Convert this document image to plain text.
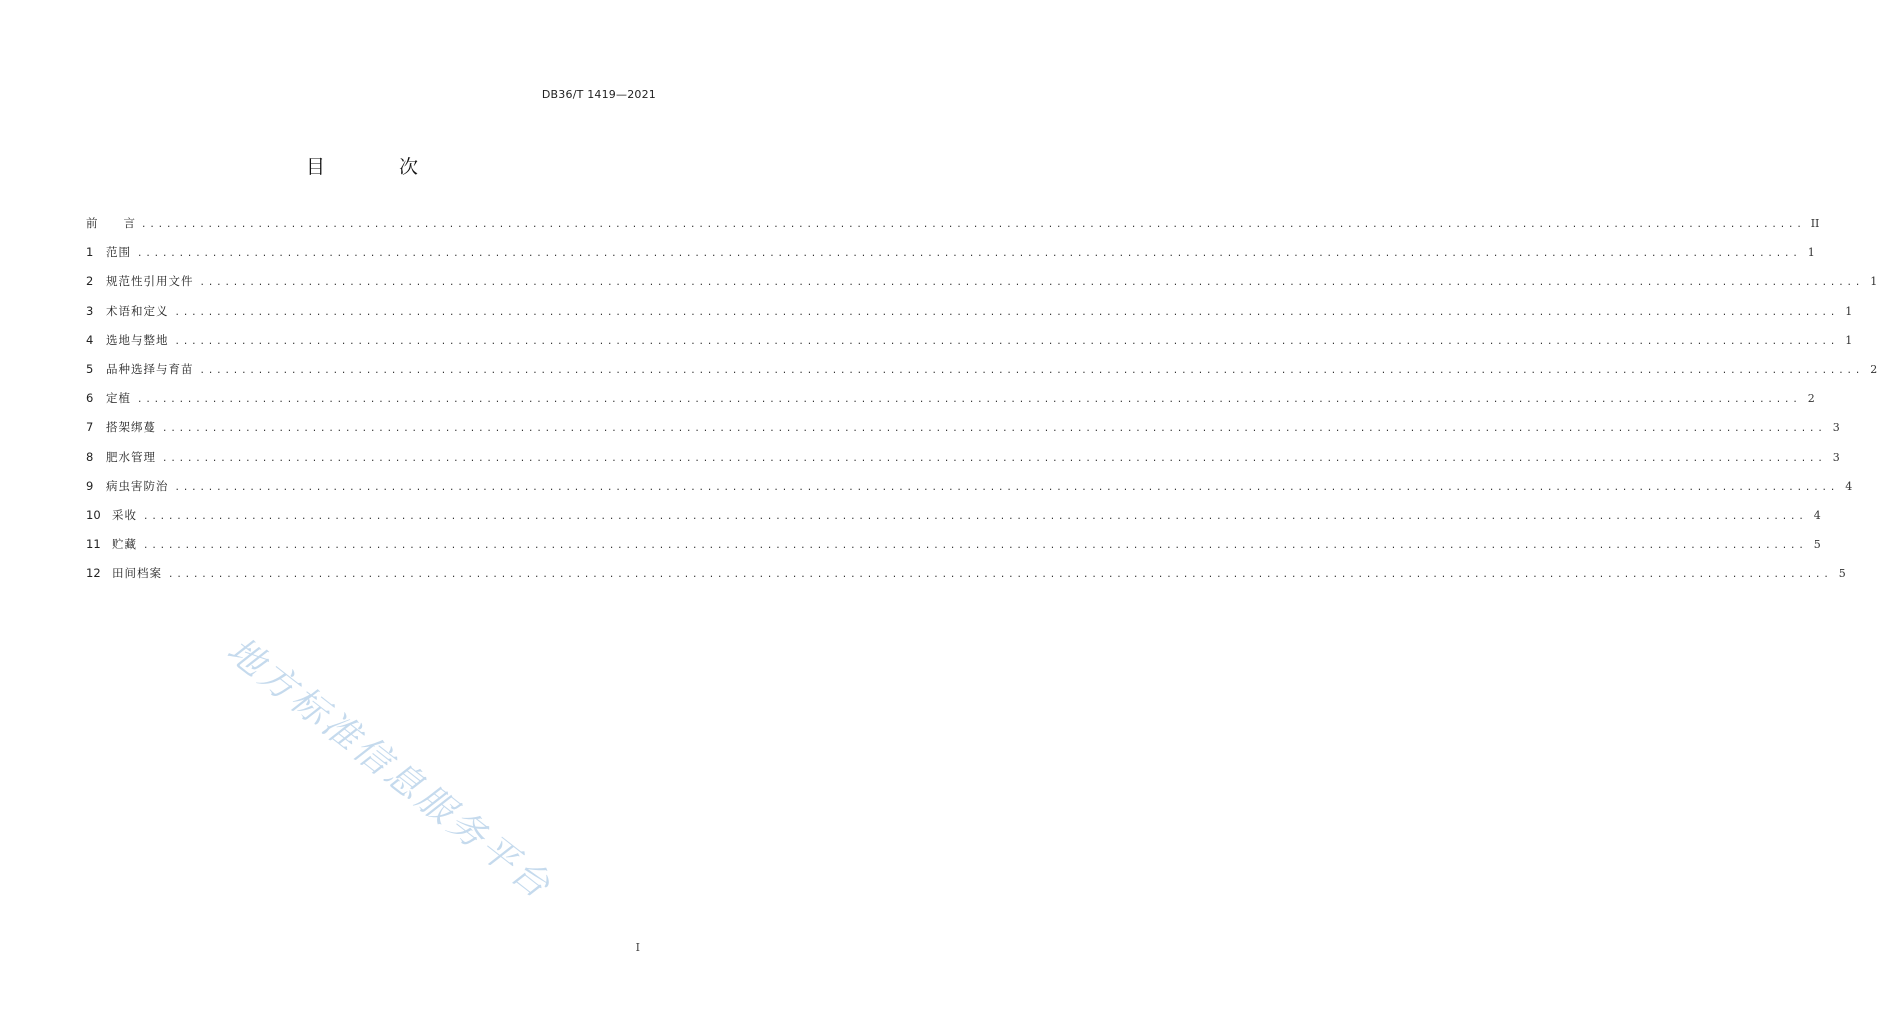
DB36/T 1419—2021
目 次
前 言 ........................................................................................................................................................................................................ II
1	范围 ........................................................................................................................................................................................................ 1
2	规范性引用文件 ........................................................................................................................................................................................................ 1
3	术语和定义 ........................................................................................................................................................................................................ 1
4	选地与整地 ........................................................................................................................................................................................................ 1
5	品种选择与育苗 ........................................................................................................................................................................................................ 2
6	定植 ........................................................................................................................................................................................................ 2
7	搭架绑蔓 ........................................................................................................................................................................................................ 3
8	肥水管理 ........................................................................................................................................................................................................ 3
9	病虫害防治 ........................................................................................................................................................................................................ 4
10 采收 ........................................................................................................................................................................................................ 4
11 贮藏 ........................................................................................................................................................................................................ 5
12 田间档案 ........................................................................................................................................................................................................ 5
地方标准信息服务平台
I
